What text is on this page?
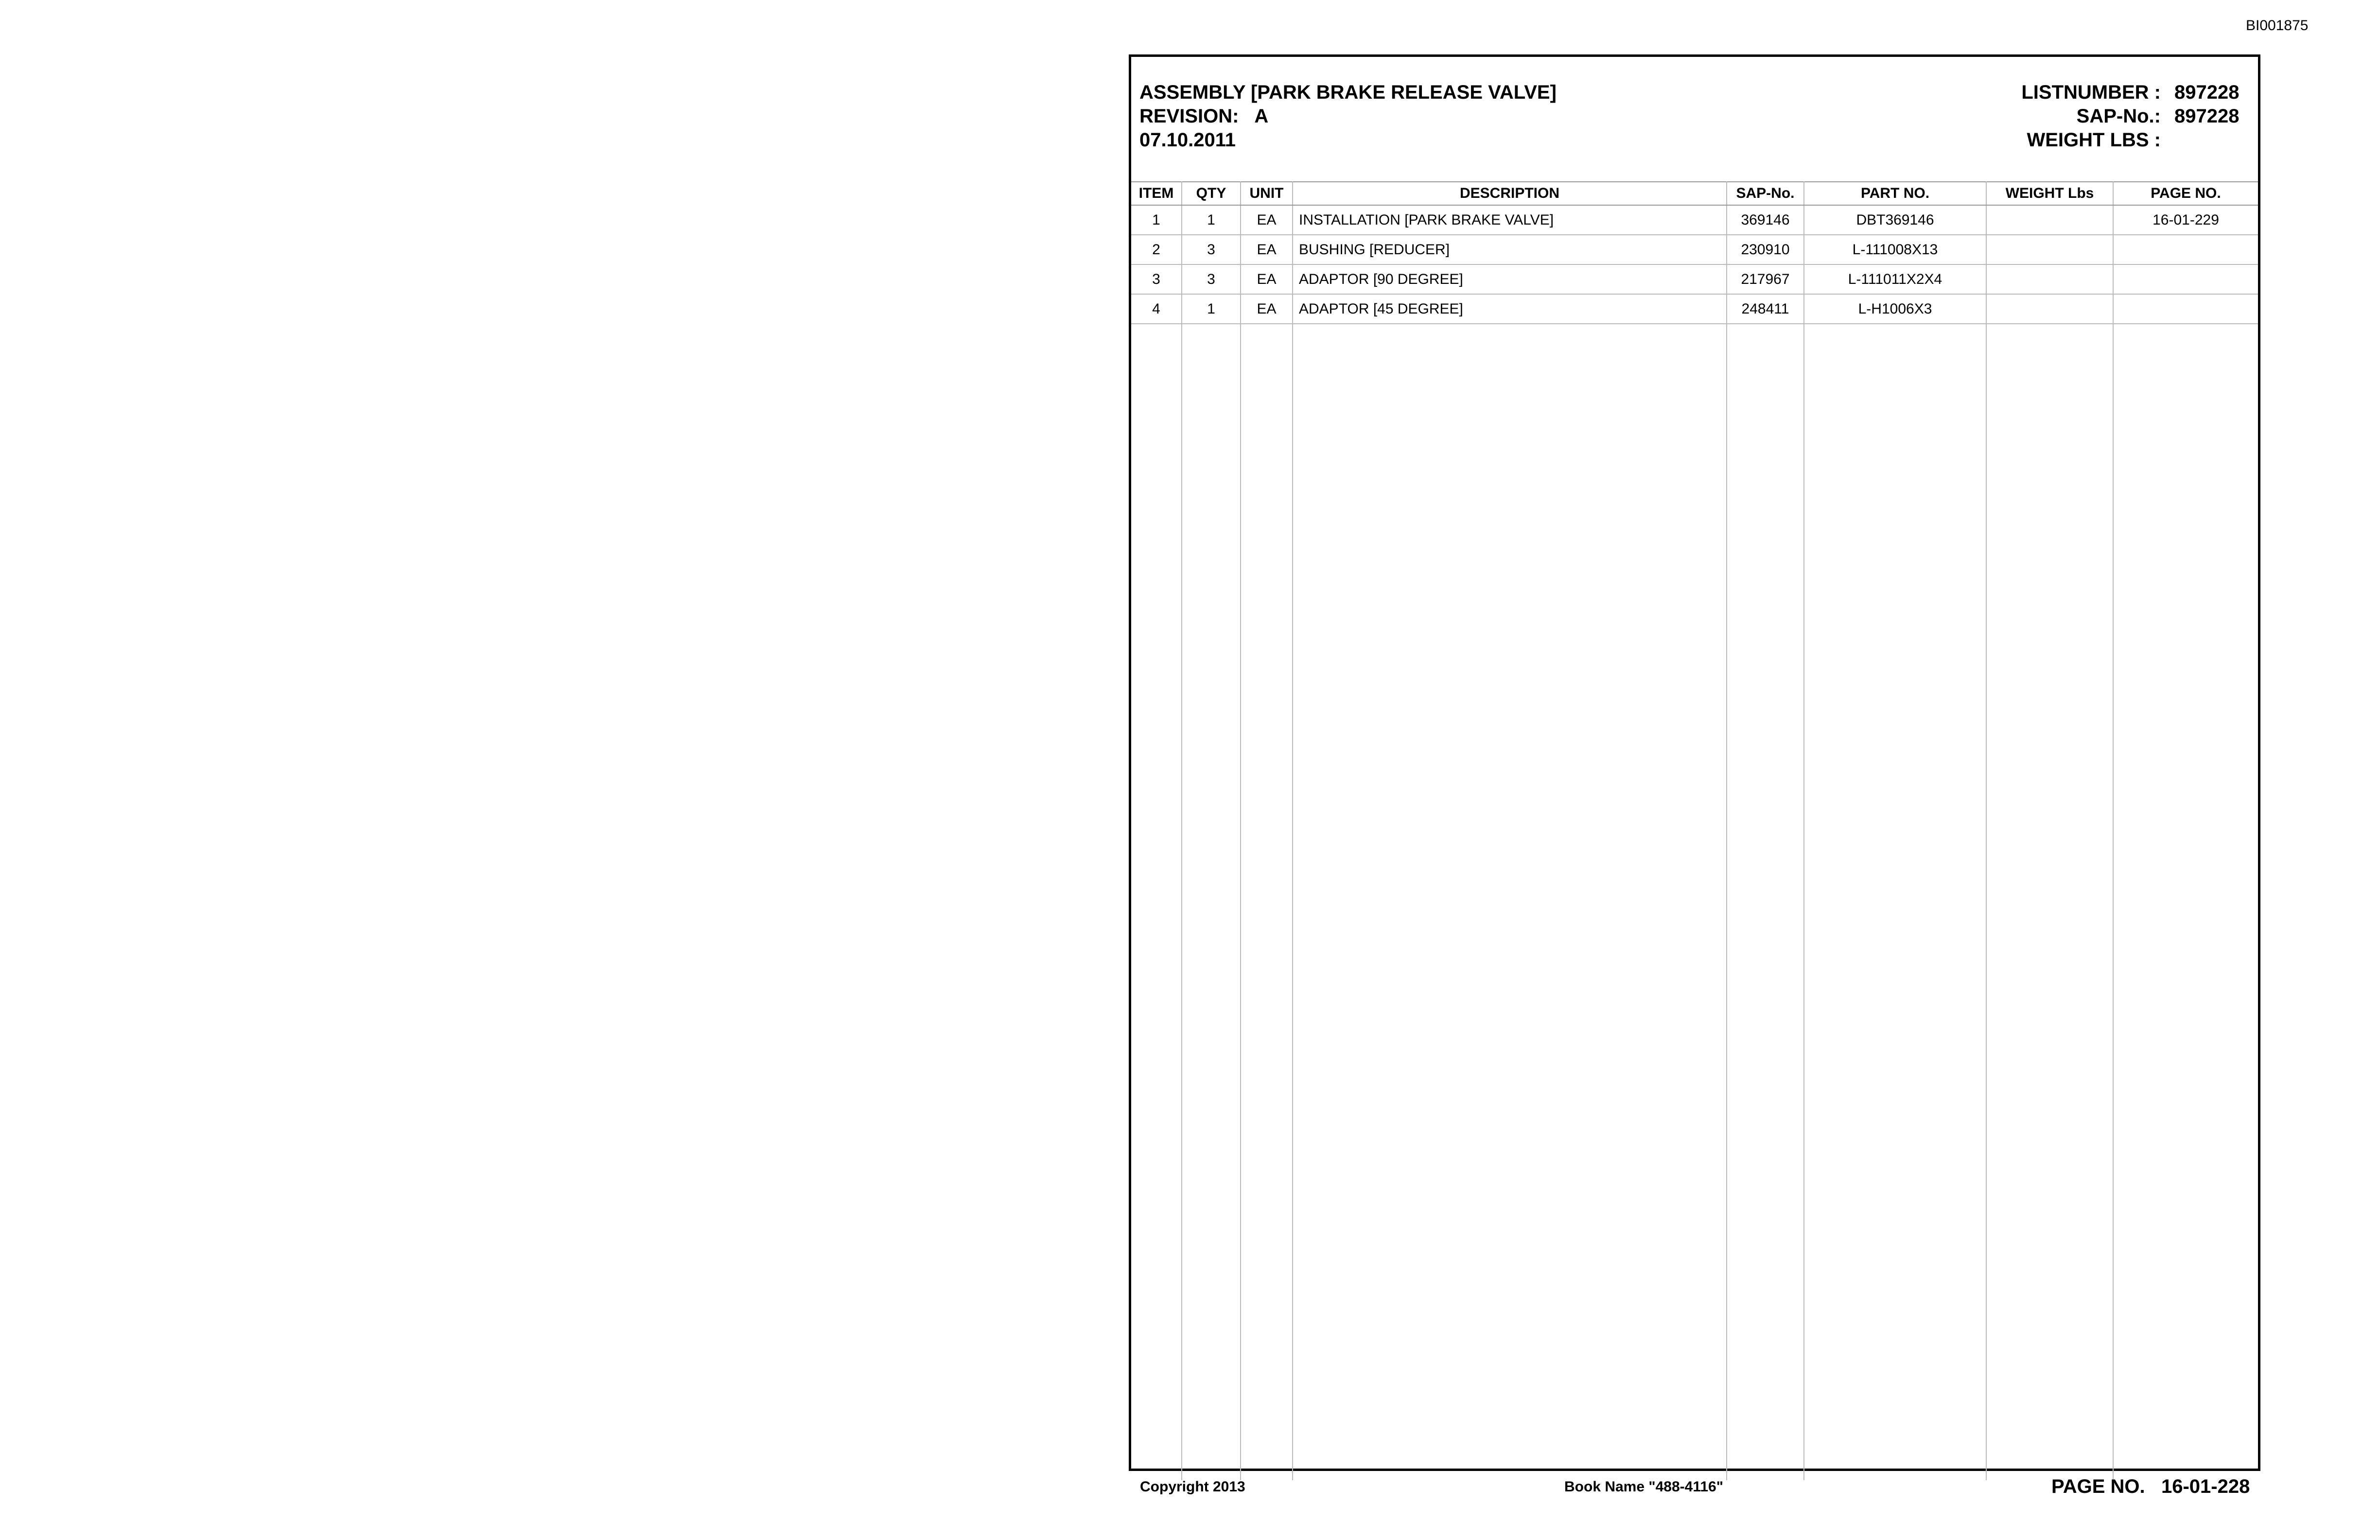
BI001875
ASSEMBLY [PARK BRAKE RELEASE VALVE]
REVISION: A
07.10.2011
LISTNUMBER :
SAP-No.:
WEIGHT LBS :
897228
897228

ITEM	QTY	UNIT	DESCRIPTION	SAP-No.	PART NO.	WEIGHT Lbs	PAGE NO.
1	1	EA	INSTALLATION [PARK BRAKE VALVE]	369146	DBT369146		16-01-229
2	3	EA	BUSHING [REDUCER]	230910	L-111008X13		
3	3	EA	ADAPTOR [90 DEGREE]	217967	L-111011X2X4		
4	1	EA	ADAPTOR [45 DEGREE]	248411	L-H1006X3		

Copyright 2013	Book Name "488-4116"	PAGE NO. 16-01-228
